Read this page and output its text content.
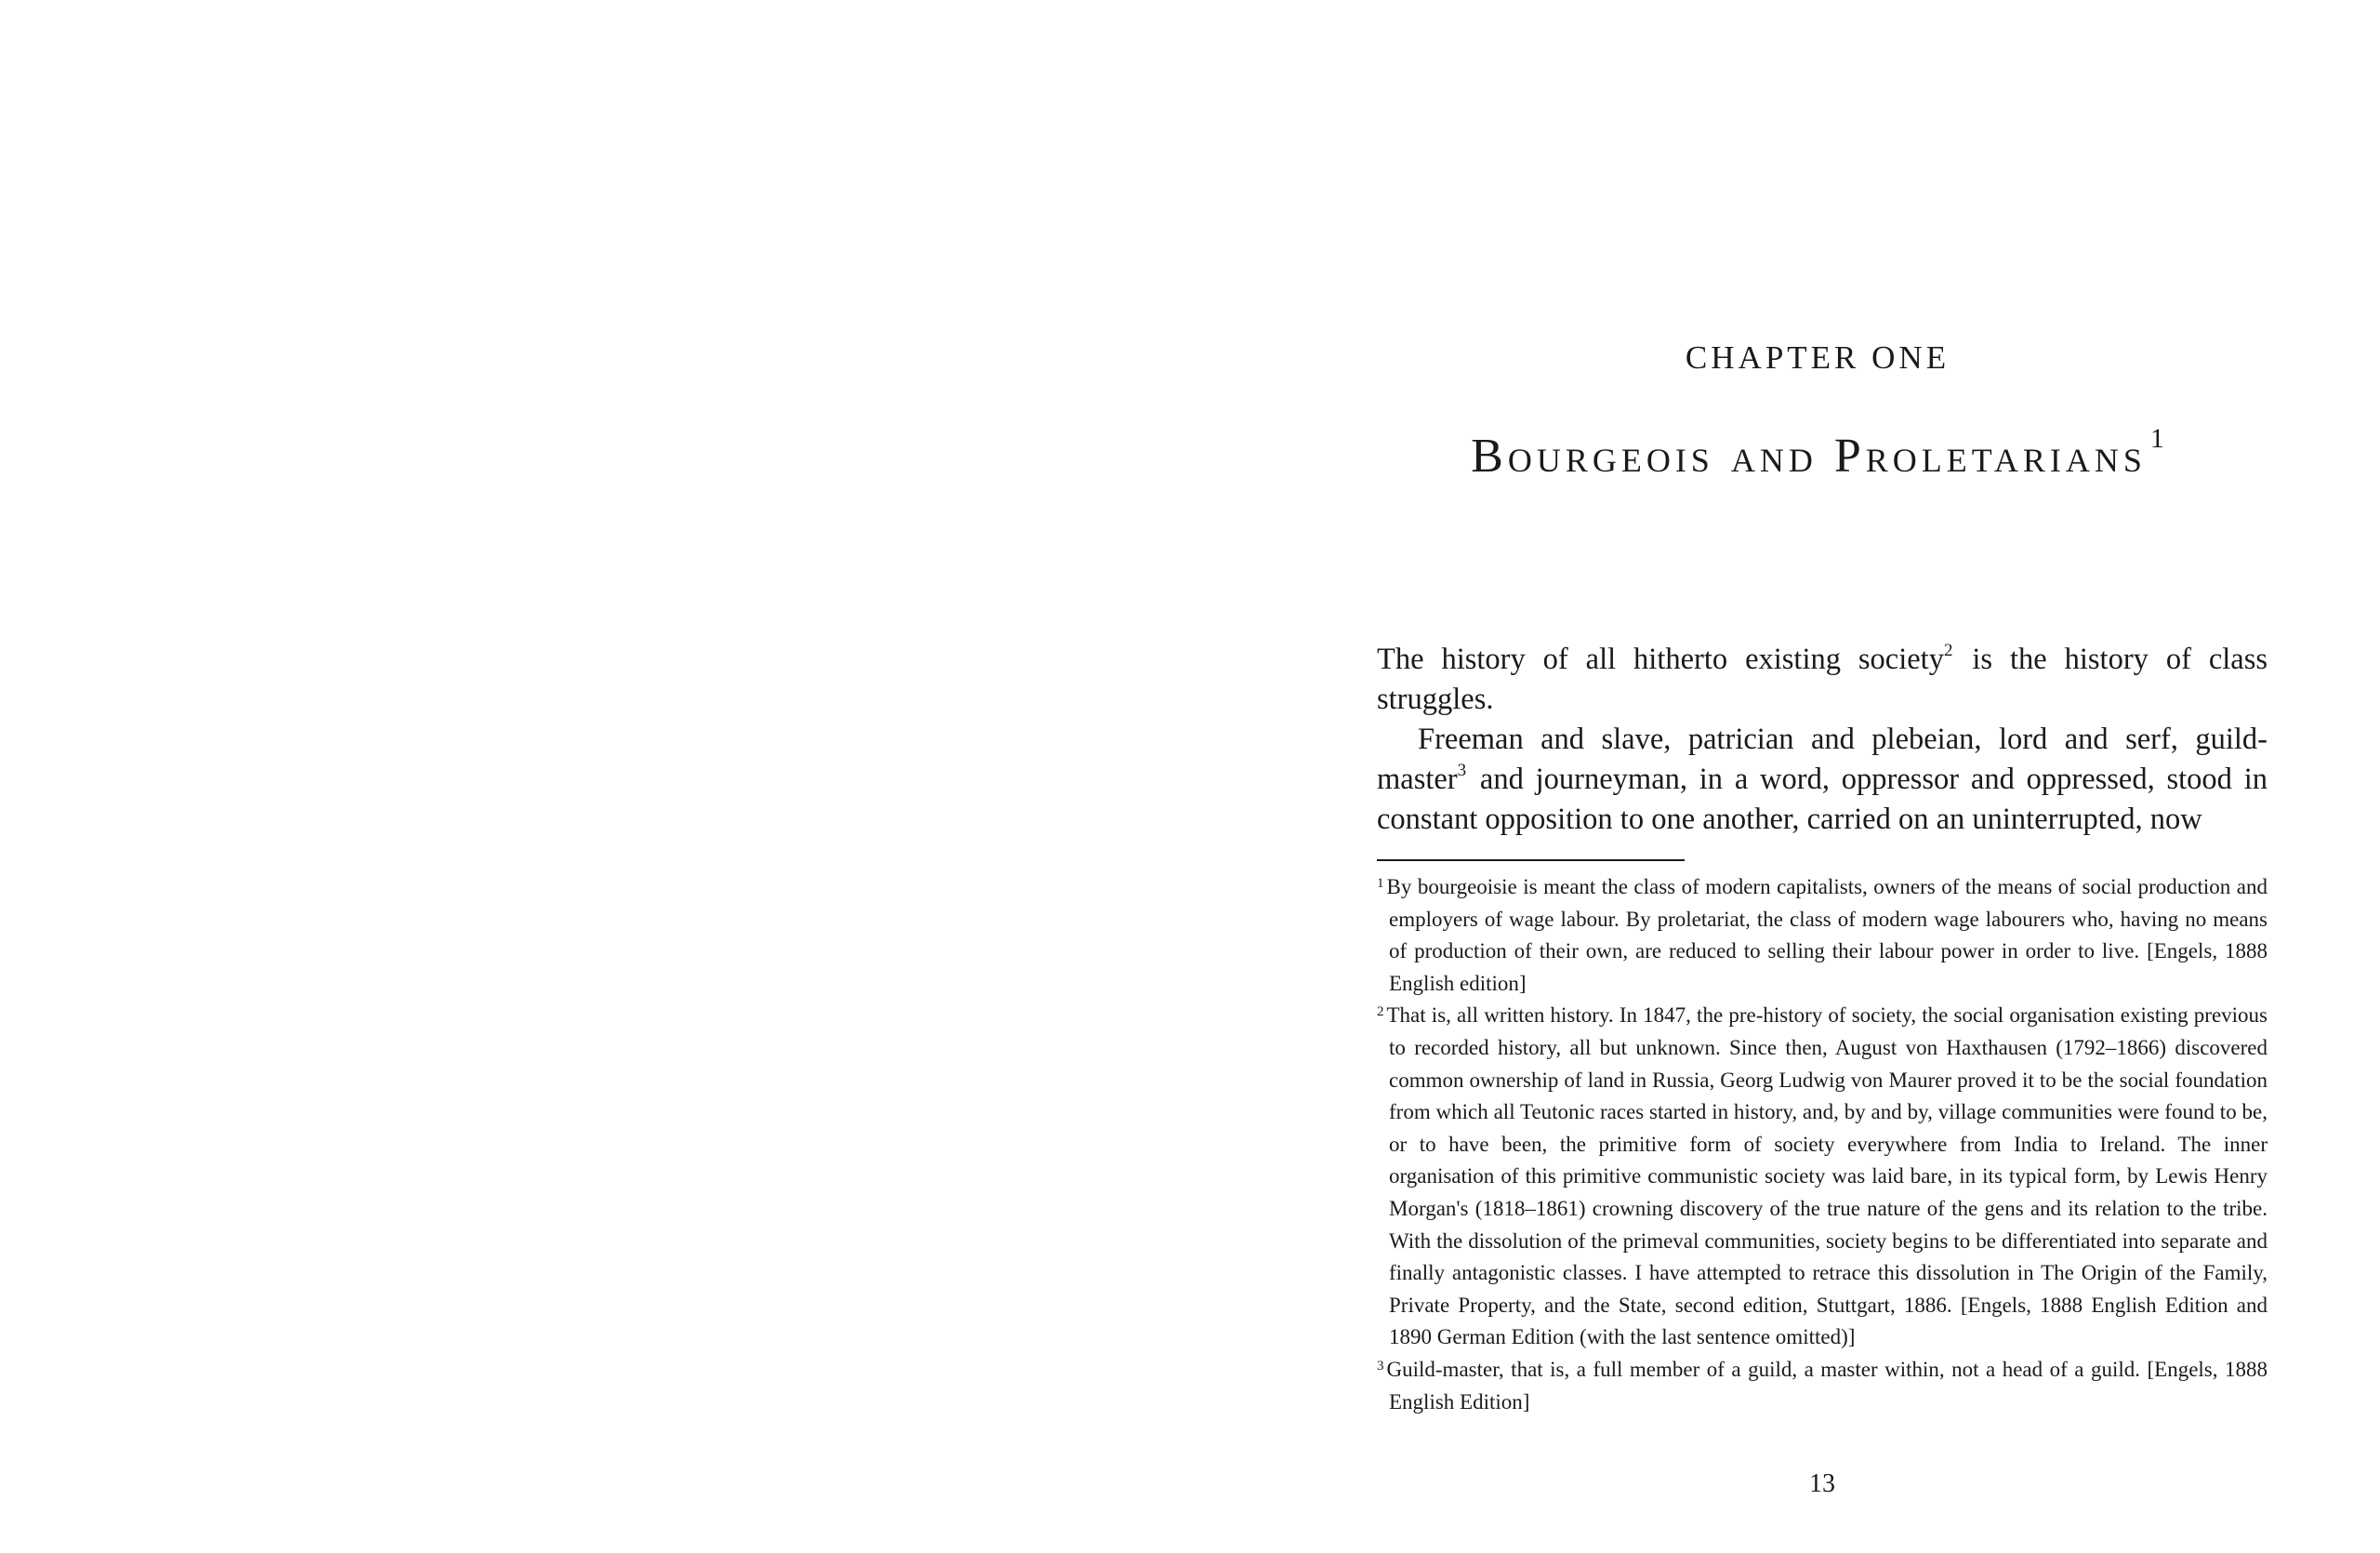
CHAPTER ONE
Bourgeois and Proletarians $^1$

The history of all hitherto existing society$^2$ is the history of class struggles.

Freeman and slave, patrician and plebeian, lord and serf, guild-master$^3$ and journeyman, in a word, oppressor and oppressed, stood in constant opposition to one another, carried on an uninterrupted, now

$^1$ By bourgeoisie is meant the class of modern capitalists, owners of the means of social production and employers of wage labour. By proletariat, the class of modern wage labourers who, having no means of production of their own, are reduced to selling their labour power in order to live. [Engels, 1888 English edition]

$^2$ That is, all written history. In 1847, the pre-history of society, the social organisation existing previous to recorded history, all but unknown. Since then, August von Haxthausen (1792–1866) discovered common ownership of land in Russia, Georg Ludwig von Maurer proved it to be the social foundation from which all Teutonic races started in history, and, by and by, village communities were found to be, or to have been, the primitive form of society everywhere from India to Ireland. The inner organisation of this primitive communistic society was laid bare, in its typical form, by Lewis Henry Morgan's (1818–1861) crowning discovery of the true nature of the gens and its relation to the tribe. With the dissolution of the primeval communities, society begins to be differentiated into separate and finally antagonistic classes. I have attempted to retrace this dissolution in The Origin of the Family, Private Property, and the State, second edition, Stuttgart, 1886. [Engels, 1888 English Edition and 1890 German Edition (with the last sentence omitted)]

$^3$ Guild-master, that is, a full member of a guild, a master within, not a head of a guild. [Engels, 1888 English Edition]

13
